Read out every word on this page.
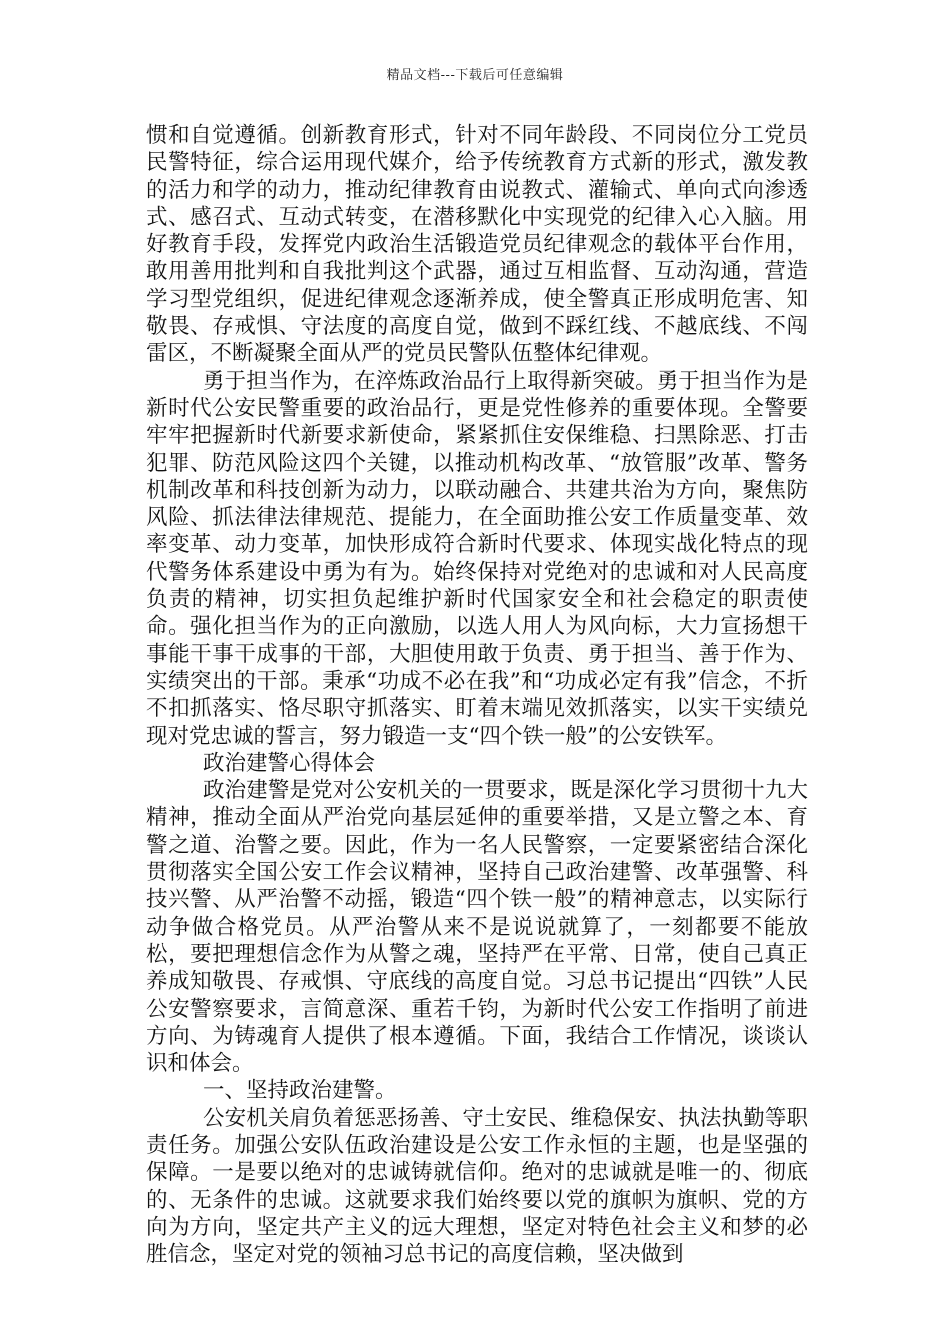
精品文档---下载后可任意编辑

惯和自觉遵循。创新教育形式，针对不同年龄段、不同岗位分工党员民警特征，综合运用现代媒介，给予传统教育方式新的形式，激发教的活力和学的动力，推动纪律教育由说教式、灌输式、单向式向渗透式、感召式、互动式转变，在潜移默化中实现党的纪律入心入脑。用好教育手段，发挥党内政治生活锻造党员纪律观念的载体平台作用，敢用善用批判和自我批判这个武器，通过互相监督、互动沟通，营造学习型党组织，促进纪律观念逐渐养成，使全警真正形成明危害、知敬畏、存戒惧、守法度的高度自觉，做到不踩红线、不越底线、不闯雷区，不断凝聚全面从严的党员民警队伍整体纪律观。

勇于担当作为，在淬炼政治品行上取得新突破。勇于担当作为是新时代公安民警重要的政治品行，更是党性修养的重要体现。全警要牢牢把握新时代新要求新使命，紧紧抓住安保维稳、扫黑除恶、打击犯罪、防范风险这四个关键，以推动机构改革、“放管服”改革、警务机制改革和科技创新为动力，以联动融合、共建共治为方向，聚焦防风险、抓法律法律规范、提能力，在全面助推公安工作质量变革、效率变革、动力变革，加快形成符合新时代要求、体现实战化特点的现代警务体系建设中勇为有为。始终保持对党绝对的忠诚和对人民高度负责的精神，切实担负起维护新时代国家安全和社会稳定的职责使命。强化担当作为的正向激励，以选人用人为风向标，大力宣扬想干事能干事干成事的干部，大胆使用敢于负责、勇于担当、善于作为、实绩突出的干部。秉承“功成不必在我”和“功成必定有我”信念，不折不扣抓落实、恪尽职守抓落实、盯着末端见效抓落实，以实干实绩兑现对党忠诚的誓言，努力锻造一支“四个铁一般”的公安铁军。

政治建警心得体会

政治建警是党对公安机关的一贯要求，既是深化学习贯彻十九大精神，推动全面从严治党向基层延伸的重要举措，又是立警之本、育警之道、治警之要。因此，作为一名人民警察，一定要紧密结合深化贯彻落实全国公安工作会议精神，坚持自己政治建警、改革强警、科技兴警、从严治警不动摇，锻造“四个铁一般”的精神意志，以实际行动争做合格党员。从严治警从来不是说说就算了，一刻都要不能放松，要把理想信念作为从警之魂，坚持严在平常、日常，使自己真正养成知敬畏、存戒惧、守底线的高度自觉。习总书记提出“四铁”人民公安警察要求，言简意深、重若千钧，为新时代公安工作指明了前进方向、为铸魂育人提供了根本遵循。下面，我结合工作情况，谈谈认识和体会。

一、坚持政治建警。

公安机关肩负着惩恶扬善、守土安民、维稳保安、执法执勤等职责任务。加强公安队伍政治建设是公安工作永恒的主题，也是坚强的保障。一是要以绝对的忠诚铸就信仰。绝对的忠诚就是唯一的、彻底的、无条件的忠诚。这就要求我们始终要以党的旗帜为旗帜、党的方向为方向，坚定共产主义的远大理想，坚定对特色社会主义和梦的必胜信念，坚定对党的领袖习总书记的高度信赖，坚决做到
